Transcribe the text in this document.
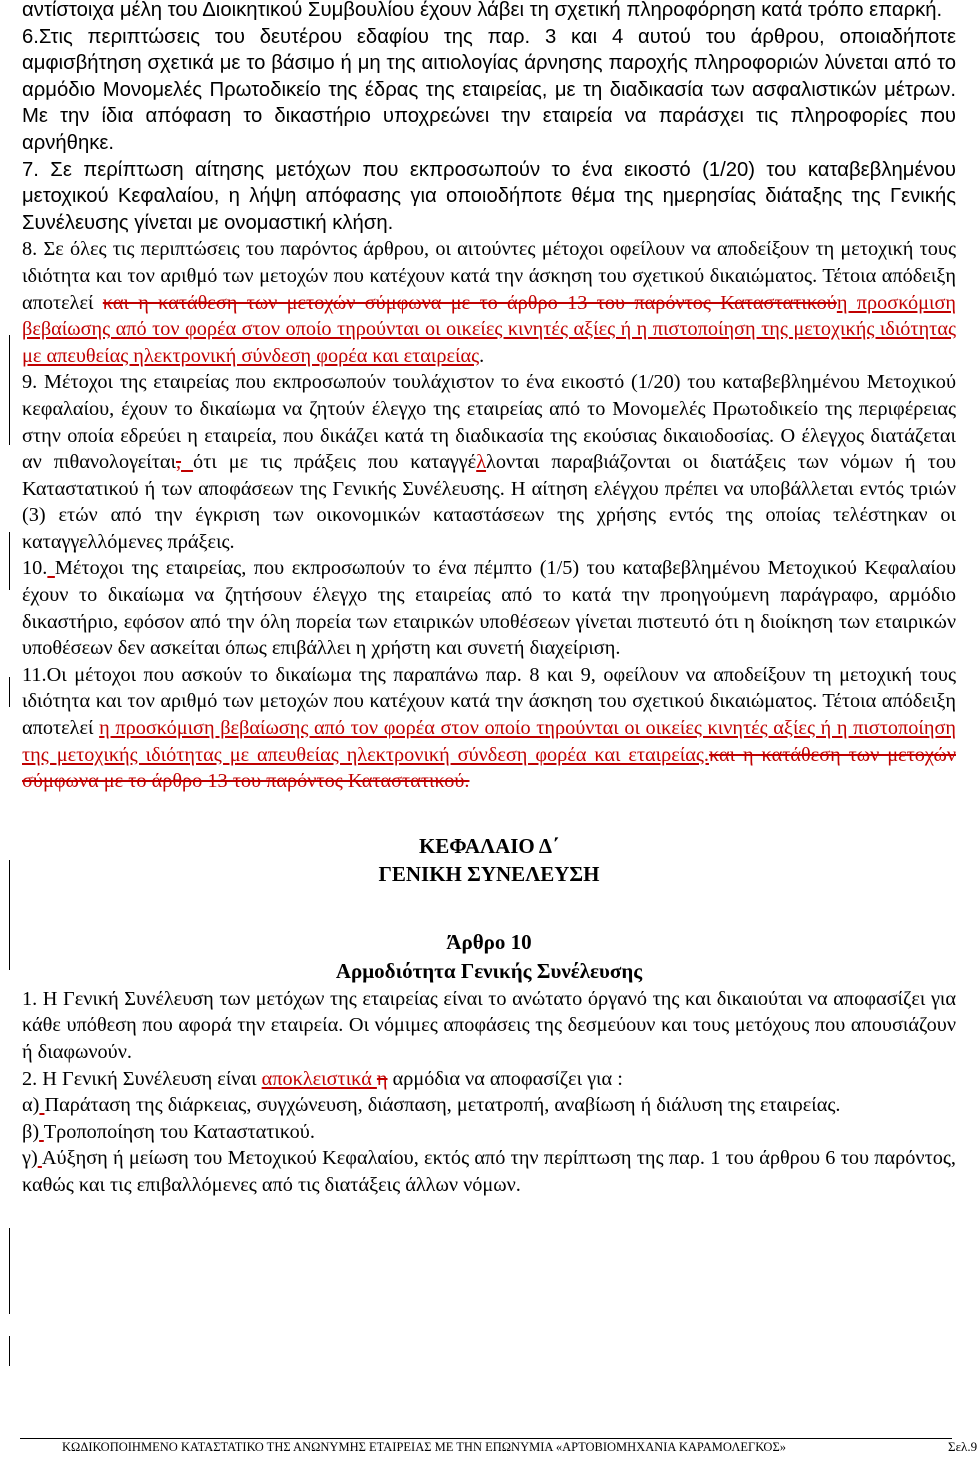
αντίστοιχα μέλη του Διοικητικού Συμβουλίου έχουν λάβει τη σχετική πληροφόρηση κατά τρόπο επαρκή.

6.Στις περιπτώσεις του δευτέρου εδαφίου της παρ. 3 και 4 αυτού του άρθρου, οποιαδήποτε αμφισβήτηση σχετικά με το βάσιμο ή μη της αιτιολογίας άρνησης παροχής πληροφοριών λύνεται από το αρμόδιο Μονομελές Πρωτοδικείο της έδρας της εταιρείας, με τη διαδικασία των ασφαλιστικών μέτρων. Με την ίδια απόφαση το δικαστήριο υποχρεώνει την εταιρεία να παράσχει τις πληροφορίες που αρνήθηκε.

7. Σε περίπτωση αίτησης μετόχων που εκπροσωπούν το ένα εικοστό (1/20) του καταβεβλημένου μετοχικού Κεφαλαίου, η λήψη απόφασης για οποιοδήποτε θέμα της ημερησίας διάταξης της Γενικής Συνέλευσης γίνεται με ονομαστική κλήση.

8. Σε όλες τις περιπτώσεις του παρόντος άρθρου, οι αιτούντες μέτοχοι οφείλουν να αποδείξουν τη μετοχική τους ιδιότητα και τον αριθμό των μετοχών που κατέχουν κατά την άσκηση του σχετικού δικαιώματος. Τέτοια απόδειξη αποτελεί και η κατάθεση των μετοχών σύμφωνα με το άρθρο 13 του παρόντος Καταστατικούη προσκόμιση βεβαίωσης από τον φορέα στον οποίο τηρούνται οι οικείες κινητές αξίες ή η πιστοποίηση της μετοχικής ιδιότητας με απευθείας ηλεκτρονική σύνδεση φορέα και εταιρείας.

9. Μέτοχοι της εταιρείας που εκπροσωπούν τουλάχιστον το ένα εικοστό (1/20) του καταβεβλημένου Μετοχικού κεφαλαίου, έχουν το δικαίωμα να ζητούν έλεγχο της εταιρείας από το Μονομελές Πρωτοδικείο της περιφέρειας στην οποία εδρεύει η εταιρεία, που δικάζει κατά τη διαδικασία της εκούσιας δικαιοδοσίας. Ο έλεγχος διατάζεται αν πιθανολογείται, ότι με τις πράξεις που καταγγέλλονται παραβιάζονται οι διατάξεις των νόμων ή του Καταστατικού ή των αποφάσεων της Γενικής Συνέλευσης. Η αίτηση ελέγχου πρέπει να υποβάλλεται εντός τριών (3) ετών από την έγκριση των οικονομικών καταστάσεων της χρήσης εντός της οποίας τελέστηκαν οι καταγγελλόμενες πράξεις.

10. Μέτοχοι της εταιρείας, που εκπροσωπούν το ένα πέμπτο (1/5) του καταβεβλημένου Μετοχικού Κεφαλαίου έχουν το δικαίωμα να ζητήσουν έλεγχο της εταιρείας από το κατά την προηγούμενη παράγραφο, αρμόδιο δικαστήριο, εφόσον από την όλη πορεία των εταιρικών υποθέσεων γίνεται πιστευτό ότι η διοίκηση των εταιρικών υποθέσεων δεν ασκείται όπως επιβάλλει η χρήστη και συνετή διαχείριση.

11.Οι μέτοχοι που ασκούν το δικαίωμα της παραπάνω παρ. 8 και 9, οφείλουν να αποδείξουν τη μετοχική τους ιδιότητα και τον αριθμό των μετοχών που κατέχουν κατά την άσκηση του σχετικού δικαιώματος. Τέτοια απόδειξη αποτελεί η προσκόμιση βεβαίωσης από τον φορέα στον οποίο τηρούνται οι οικείες κινητές αξίες ή η πιστοποίηση της μετοχικής ιδιότητας με απευθείας ηλεκτρονική σύνδεση φορέα και εταιρείας.και η κατάθεση των μετοχών σύμφωνα με το άρθρο 13 του παρόντος Καταστατικού.

ΚΕΦΑΛΑΙΟ Δ΄

ΓΕΝΙΚΗ ΣΥΝΕΛΕΥΣΗ

Άρθρο 10

Αρμοδιότητα Γενικής Συνέλευσης

1. Η Γενική Συνέλευση των μετόχων της εταιρείας είναι το ανώτατο όργανό της και δικαιούται να αποφασίζει για κάθε υπόθεση που αφορά την εταιρεία. Οι νόμιμες αποφάσεις της δεσμεύουν και τους μετόχους που απουσιάζουν ή διαφωνούν.

2. Η Γενική Συνέλευση είναι αποκλειστικά η αρμόδια να αποφασίζει για :

α) Παράταση της διάρκειας, συγχώνευση, διάσπαση, μετατροπή, αναβίωση ή διάλυση της εταιρείας.

β) Τροποποίηση του Καταστατικού.

γ) Αύξηση ή μείωση του Μετοχικού Κεφαλαίου, εκτός από την περίπτωση της παρ. 1 του άρθρου 6 του παρόντος, καθώς και τις επιβαλλόμενες από τις διατάξεις άλλων νόμων.

ΚΩΔΙΚΟΠΟΙΗΜΕΝΟ ΚΑΤΑΣΤΑΤΙΚΟ ΤΗΣ ΑΝΩΝΥΜΗΣ ΕΤΑΙΡΕΙΑΣ ΜΕ ΤΗΝ ΕΠΩΝΥΜΙΑ «ΑΡΤΟΒΙΟΜΗΧΑΝΙΑ ΚΑΡΑΜΟΛΕΓΚΟΣ»	Σελ.9
